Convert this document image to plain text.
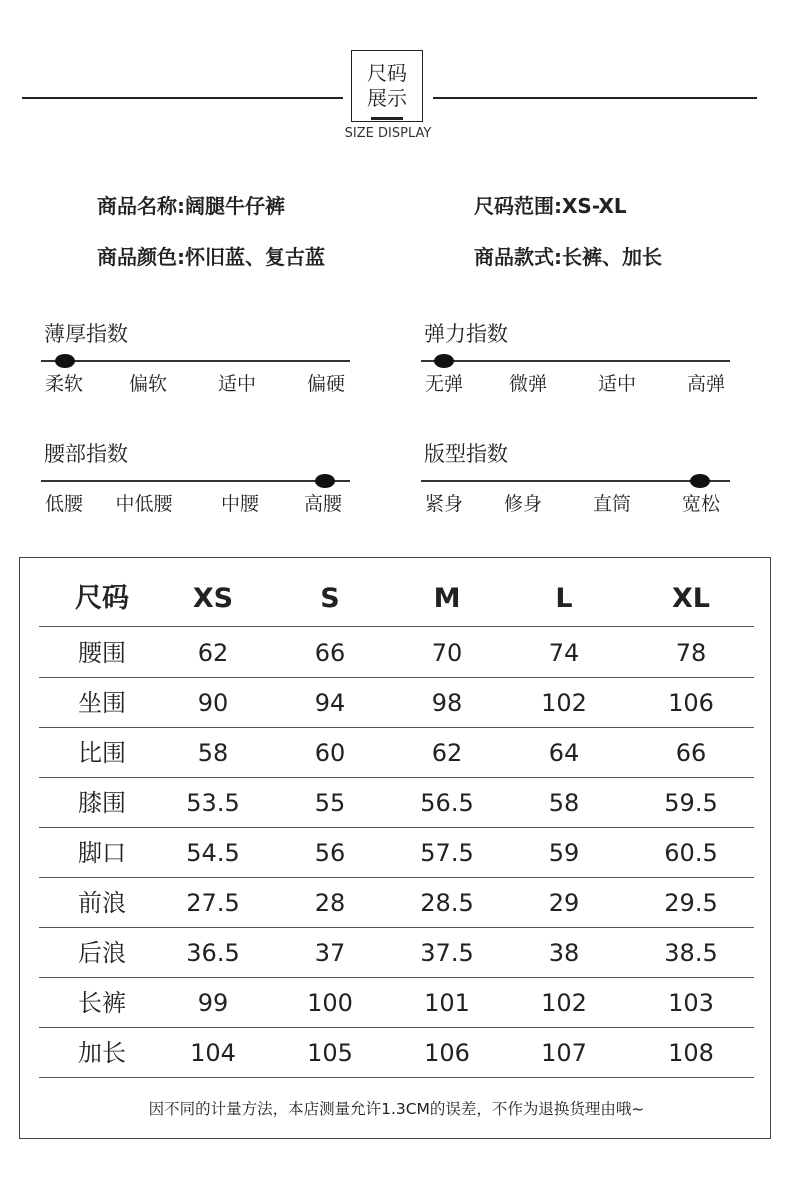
尺码
展示
SIZE DISPLAY
商品名称:阔腿牛仔裤	尺码范围:XS-XL
商品颜色:怀旧蓝、复古蓝	商品款式:长裤、加长
薄厚指数
柔软 偏软	适中	偏硬
弹力指数
无弹 微弹	适中	高弹
腰部指数
低腰 中低腰	中腰 高腰
版型指数
紧身 修身	直筒	宽松
尺码 XS	S	M	L	XL
腰围	62	66	70	74	78
坐围	90	94	98	102	106
比围	58	60	62	64	66
膝围	53.5	55	56.5	58	59.5
脚口	54.5	56	57.5	59	60.5
前浪	27.5	28	28.5	29	29.5
后浪	36.5	37	37.5	38	38.5
长裤	99	100	101	102	103
加长	104	105	106	107	108
因不同的计量方法，本店测量允许1.3CM的误差，不作为退换货理由哦~
